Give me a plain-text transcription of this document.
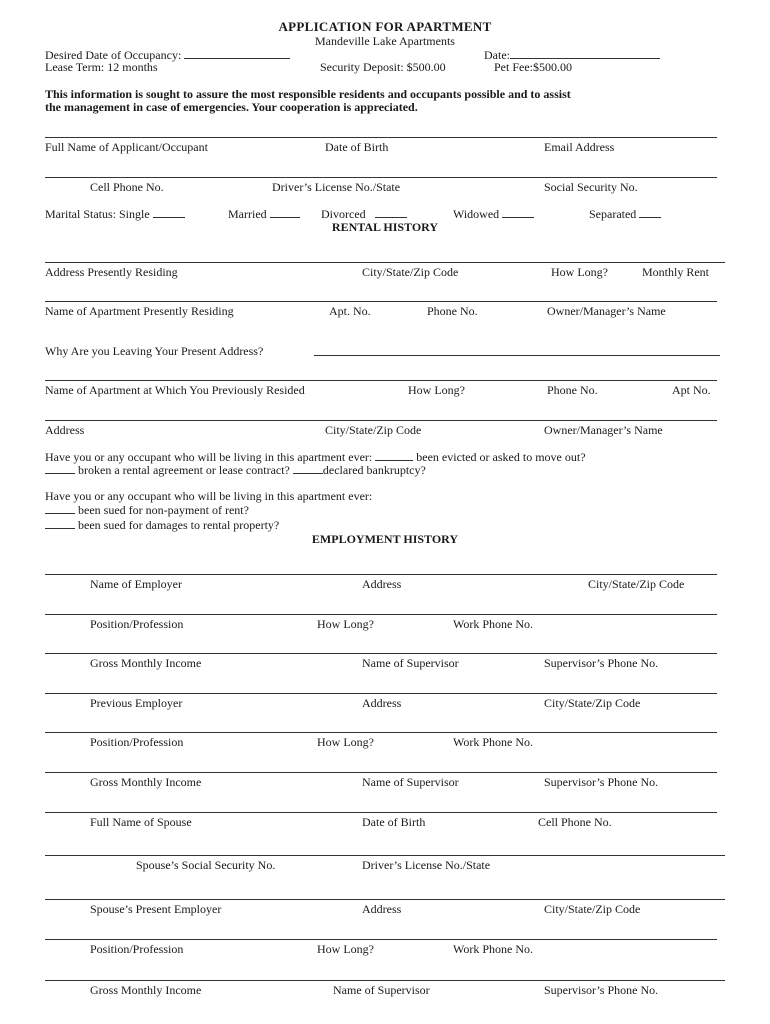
APPLICATION FOR APARTMENT
Mandeville Lake Apartments
Desired Date of Occupancy:	Date:
Lease Term: 12 months	Security Deposit: $500.00	Pet Fee:$500.00
This information is sought to assure the most responsible residents and occupants possible and to assist
the management in case of emergencies. Your cooperation is appreciated.
Full Name of Applicant/Occupant	Date of Birth	Email Address
Cell Phone No.	Driver’s License No./State	Social Security No.
Marital Status: Single	Married	Divorced	Widowed	Separated
RENTAL HISTORY
Address Presently Residing	City/State/Zip Code	How Long?	Monthly Rent
Name of Apartment Presently Residing	Apt. No.	Phone No.	Owner/Manager’s Name
Why Are you Leaving Your Present Address?
Name of Apartment at Which You Previously Resided	How Long?	Phone No.	Apt No.
Address	City/State/Zip Code	Owner/Manager’s Name
Have you or any occupant who will be living in this apartment ever:	been evicted or asked to move out?
broken a rental agreement or lease contract?	declared bankruptcy?
Have you or any occupant who will be living in this apartment ever:
been sued for non-payment of rent?
been sued for damages to rental property?
EMPLOYMENT HISTORY
Name of Employer	Address	City/State/Zip Code
Position/Profession	How Long?	Work Phone No.
Gross Monthly Income	Name of Supervisor	Supervisor’s Phone No.
Previous Employer	Address	City/State/Zip Code
Position/Profession	How Long?	Work Phone No.
Gross Monthly Income	Name of Supervisor	Supervisor’s Phone No.
Full Name of Spouse	Date of Birth	Cell Phone No.
Spouse’s Social Security No.	Driver’s License No./State
Spouse’s Present Employer	Address	City/State/Zip Code
Position/Profession	How Long?	Work Phone No.
Gross Monthly Income	Name of Supervisor	Supervisor’s Phone No.
